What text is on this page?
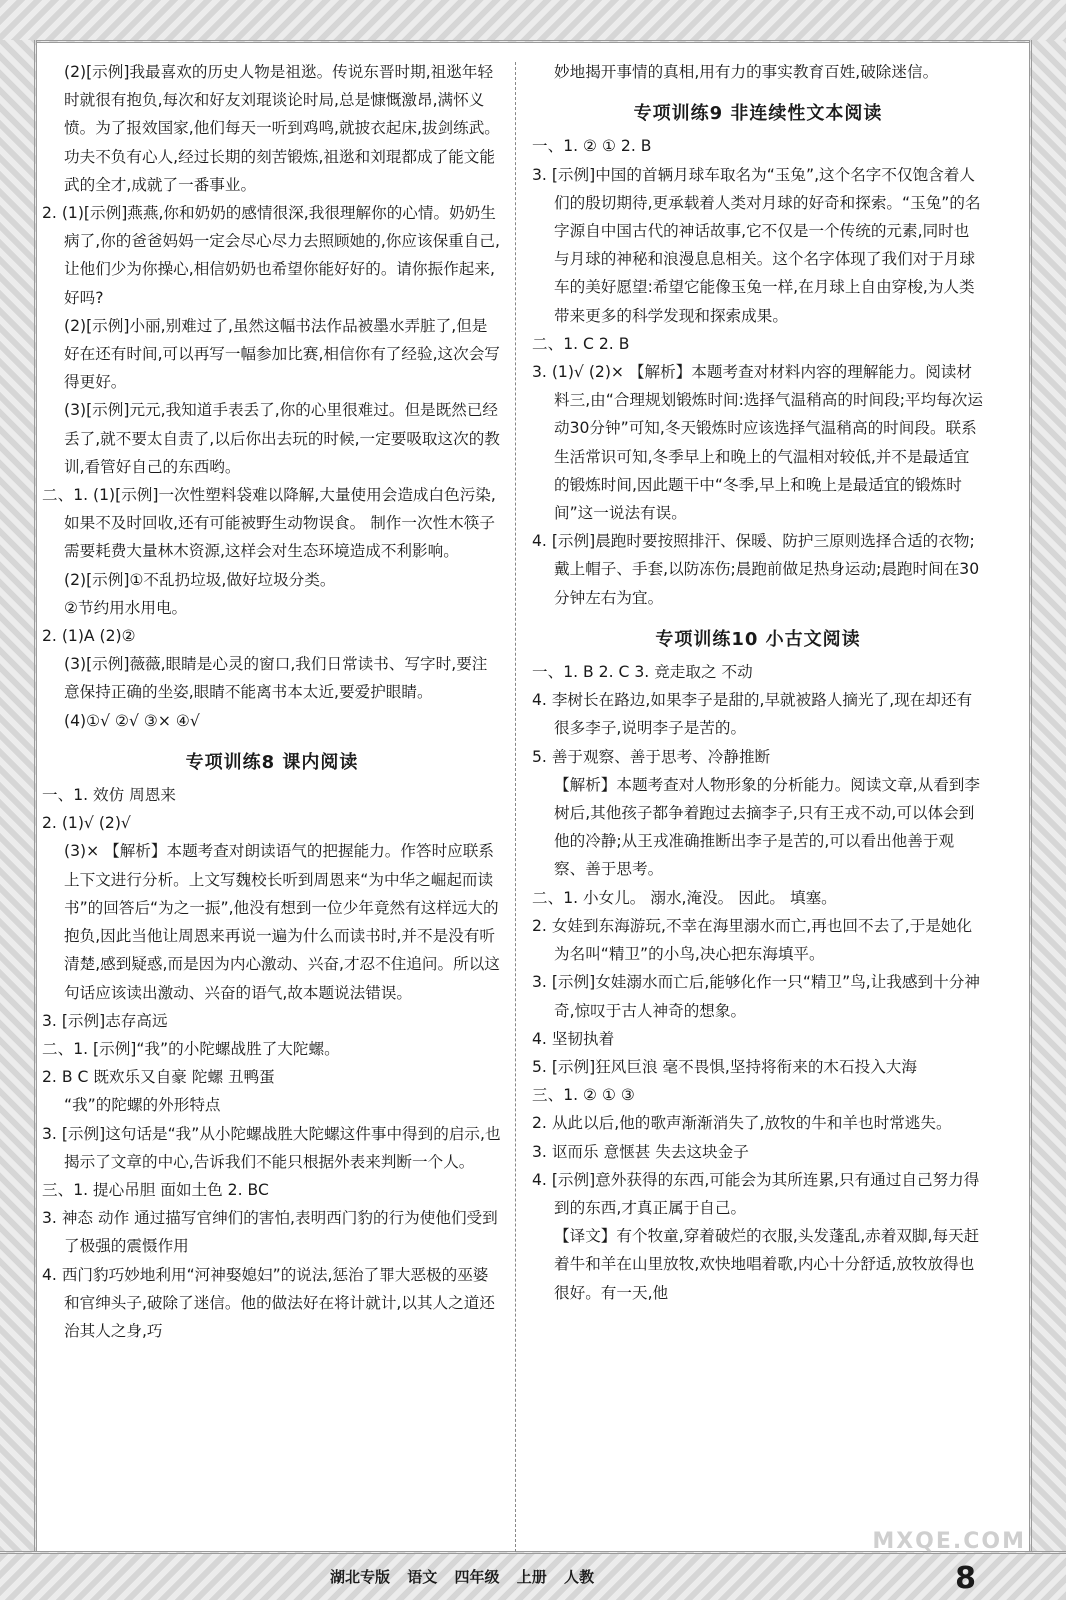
(2)[示例]我最喜欢的历史人物是祖逖。传说东晋时期,祖逖年轻时就很有抱负,每次和好友刘琨谈论时局,总是慷慨激昂,满怀义愤。为了报效国家,他们每天一听到鸡鸣,就披衣起床,拔剑练武。功夫不负有心人,经过长期的刻苦锻炼,祖逖和刘琨都成了能文能武的全才,成就了一番事业。

2. (1)[示例]燕燕,你和奶奶的感情很深,我很理解你的心情。奶奶生病了,你的爸爸妈妈一定会尽心尽力去照顾她的,你应该保重自己,让他们少为你操心,相信奶奶也希望你能好好的。请你振作起来,好吗?

(2)[示例]小丽,别难过了,虽然这幅书法作品被墨水弄脏了,但是好在还有时间,可以再写一幅参加比赛,相信你有了经验,这次会写得更好。

(3)[示例]元元,我知道手表丢了,你的心里很难过。但是既然已经丢了,就不要太自责了,以后你出去玩的时候,一定要吸取这次的教训,看管好自己的东西哟。

二、1. (1)[示例]一次性塑料袋难以降解,大量使用会造成白色污染,如果不及时回收,还有可能被野生动物误食。 制作一次性木筷子需要耗费大量林木资源,这样会对生态环境造成不利影响。

(2)[示例]①不乱扔垃圾,做好垃圾分类。

②节约用水用电。

2. (1)A (2)②

(3)[示例]薇薇,眼睛是心灵的窗口,我们日常读书、写字时,要注意保持正确的坐姿,眼睛不能离书本太近,要爱护眼睛。

(4)①√ ②√ ③× ④√

专项训练8 课内阅读

一、1. 效仿 周恩来

2. (1)√ (2)√

(3)× 【解析】本题考查对朗读语气的把握能力。作答时应联系上下文进行分析。上文写魏校长听到周恩来“为中华之崛起而读书”的回答后“为之一振”,他没有想到一位少年竟然有这样远大的抱负,因此当他让周恩来再说一遍为什么而读书时,并不是没有听清楚,感到疑惑,而是因为内心激动、兴奋,才忍不住追问。所以这句话应该读出激动、兴奋的语气,故本题说法错误。

3. [示例]志存高远

二、1. [示例]“我”的小陀螺战胜了大陀螺。

2. B C 既欢乐又自豪 陀螺 丑鸭蛋

“我”的陀螺的外形特点

3. [示例]这句话是“我”从小陀螺战胜大陀螺这件事中得到的启示,也揭示了文章的中心,告诉我们不能只根据外表来判断一个人。

三、1. 提心吊胆 面如土色 2. BC

3. 神态 动作 通过描写官绅们的害怕,表明西门豹的行为使他们受到了极强的震慑作用

4. 西门豹巧妙地利用“河神娶媳妇”的说法,惩治了罪大恶极的巫婆和官绅头子,破除了迷信。他的做法好在将计就计,以其人之道还治其人之身,巧

妙地揭开事情的真相,用有力的事实教育百姓,破除迷信。

专项训练9 非连续性文本阅读

一、1. ② ① 2. B

3. [示例]中国的首辆月球车取名为“玉兔”,这个名字不仅饱含着人们的殷切期待,更承载着人类对月球的好奇和探索。“玉兔”的名字源自中国古代的神话故事,它不仅是一个传统的元素,同时也与月球的神秘和浪漫息息相关。这个名字体现了我们对于月球车的美好愿望:希望它能像玉兔一样,在月球上自由穿梭,为人类带来更多的科学发现和探索成果。

二、1. C 2. B

3. (1)√ (2)× 【解析】本题考查对材料内容的理解能力。阅读材料三,由“合理规划锻炼时间:选择气温稍高的时间段;平均每次运动30分钟”可知,冬天锻炼时应该选择气温稍高的时间段。联系生活常识可知,冬季早上和晚上的气温相对较低,并不是最适宜的锻炼时间,因此题干中“冬季,早上和晚上是最适宜的锻炼时间”这一说法有误。

4. [示例]晨跑时要按照排汗、保暖、防护三原则选择合适的衣物;戴上帽子、手套,以防冻伤;晨跑前做足热身运动;晨跑时间在30分钟左右为宜。

专项训练10 小古文阅读

一、1. B 2. C 3. 竞走取之 不动

4. 李树长在路边,如果李子是甜的,早就被路人摘光了,现在却还有很多李子,说明李子是苦的。

5. 善于观察、善于思考、冷静推断

【解析】本题考查对人物形象的分析能力。阅读文章,从看到李树后,其他孩子都争着跑过去摘李子,只有王戎不动,可以体会到他的冷静;从王戎准确推断出李子是苦的,可以看出他善于观察、善于思考。

二、1. 小女儿。 溺水,淹没。 因此。 填塞。

2. 女娃到东海游玩,不幸在海里溺水而亡,再也回不去了,于是她化为名叫“精卫”的小鸟,决心把东海填平。

3. [示例]女娃溺水而亡后,能够化作一只“精卫”鸟,让我感到十分神奇,惊叹于古人神奇的想象。

4. 坚韧执着

5. [示例]狂风巨浪 毫不畏惧,坚持将衔来的木石投入大海

三、1. ② ① ③

2. 从此以后,他的歌声渐渐消失了,放牧的牛和羊也时常逃失。

3. 讴而乐 意惬甚 失去这块金子

4. [示例]意外获得的东西,可能会为其所连累,只有通过自己努力得到的东西,才真正属于自己。

【译文】有个牧童,穿着破烂的衣服,头发蓬乱,赤着双脚,每天赶着牛和羊在山里放牧,欢快地唱着歌,内心十分舒适,放牧放得也很好。有一天,他

湖北专版 语文 四年级 上册 人教	8
MXQE.COM
